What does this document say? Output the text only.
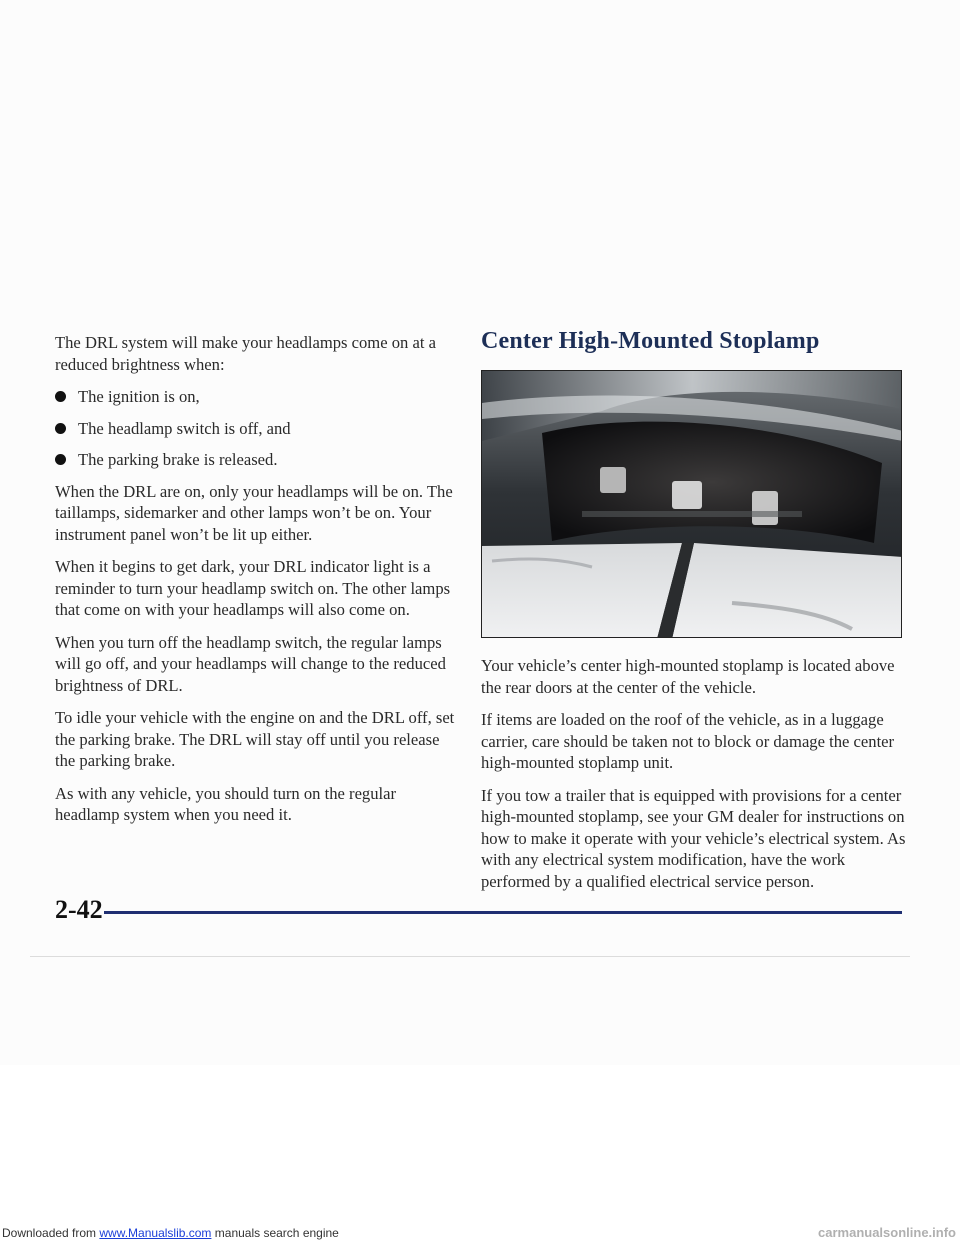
The DRL system will make your headlamps come on at a reduced brightness when:

The ignition is on,
The headlamp switch is off, and
The parking brake is released.

When the DRL are on, only your headlamps will be on. The taillamps, sidemarker and other lamps won’t be on. Your instrument panel won’t be lit up either.

When it begins to get dark, your DRL indicator light is a reminder to turn your headlamp switch on. The other lamps that come on with your headlamps will also come on.

When you turn off the headlamp switch, the regular lamps will go off, and your headlamps will change to the reduced brightness of DRL.

To idle your vehicle with the engine on and the DRL off, set the parking brake. The DRL will stay off until you release the parking brake.

As with any vehicle, you should turn on the regular headlamp system when you need it.

Center High-Mounted Stoplamp

Your vehicle’s center high-mounted stoplamp is located above the rear doors at the center of the vehicle.

If items are loaded on the roof of the vehicle, as in a luggage carrier, care should be taken not to block or damage the center high-mounted stoplamp unit.

If you tow a trailer that is equipped with provisions for a center high-mounted stoplamp, see your GM dealer for instructions on how to make it operate with your vehicle’s electrical system. As with any electrical system modification, have the work performed by a qualified electrical service person.

2-42
Downloaded from www.Manualslib.com manuals search engine	carmanualsonline.info
